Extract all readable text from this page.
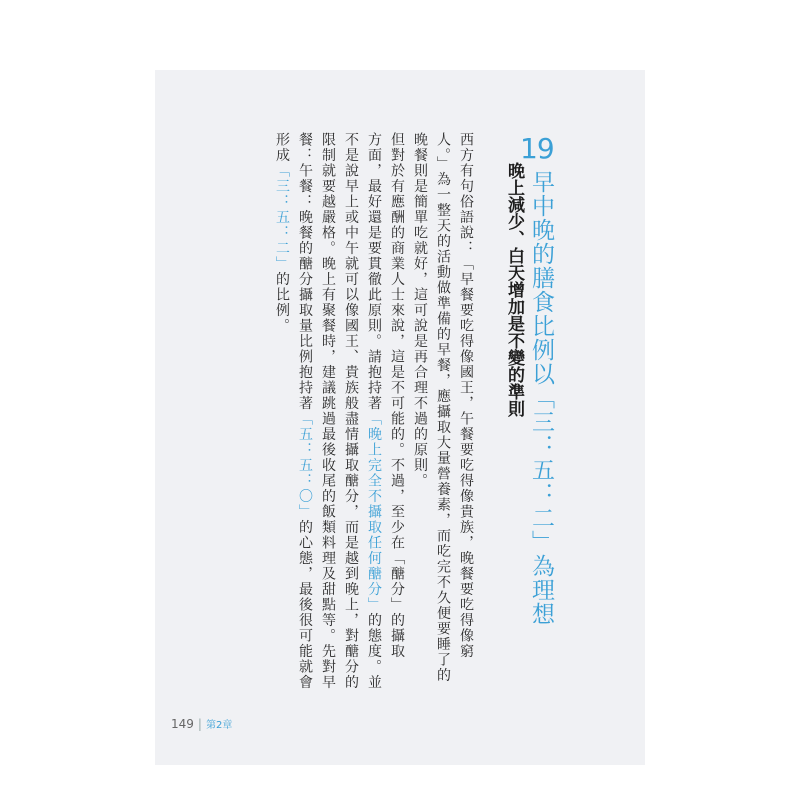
19
早中晚的膳食比例以「三：五：二」為理想
晚上減少、白天增加是不變的準則
西方有句俗語說：「早餐要吃得像國王，午餐要吃得像貴族，晚餐要吃得像窮
人。」為一整天的活動做準備的早餐，應攝取大量營養素，而吃完不久便要睡了的
晚餐則是簡單吃就好，這可說是再合理不過的原則。
但對於有應酬的商業人士來說，這是不可能的。不過，至少在「醣分」的攝取
方面，最好還是要貫徹此原則。請抱持著「晚上完全不攝取任何醣分」的態度。並
不是說早上或中午就可以像國王、貴族般盡情攝取醣分，而是越到晚上，對醣分的
限制就要越嚴格。晚上有聚餐時，建議跳過最後收尾的飯類料理及甜點等。先對早
餐：午餐：晚餐的醣分攝取量比例抱持著「五：五：〇」的心態，最後很可能就會
形成「三：五：二」的比例。
149 | 第2章
